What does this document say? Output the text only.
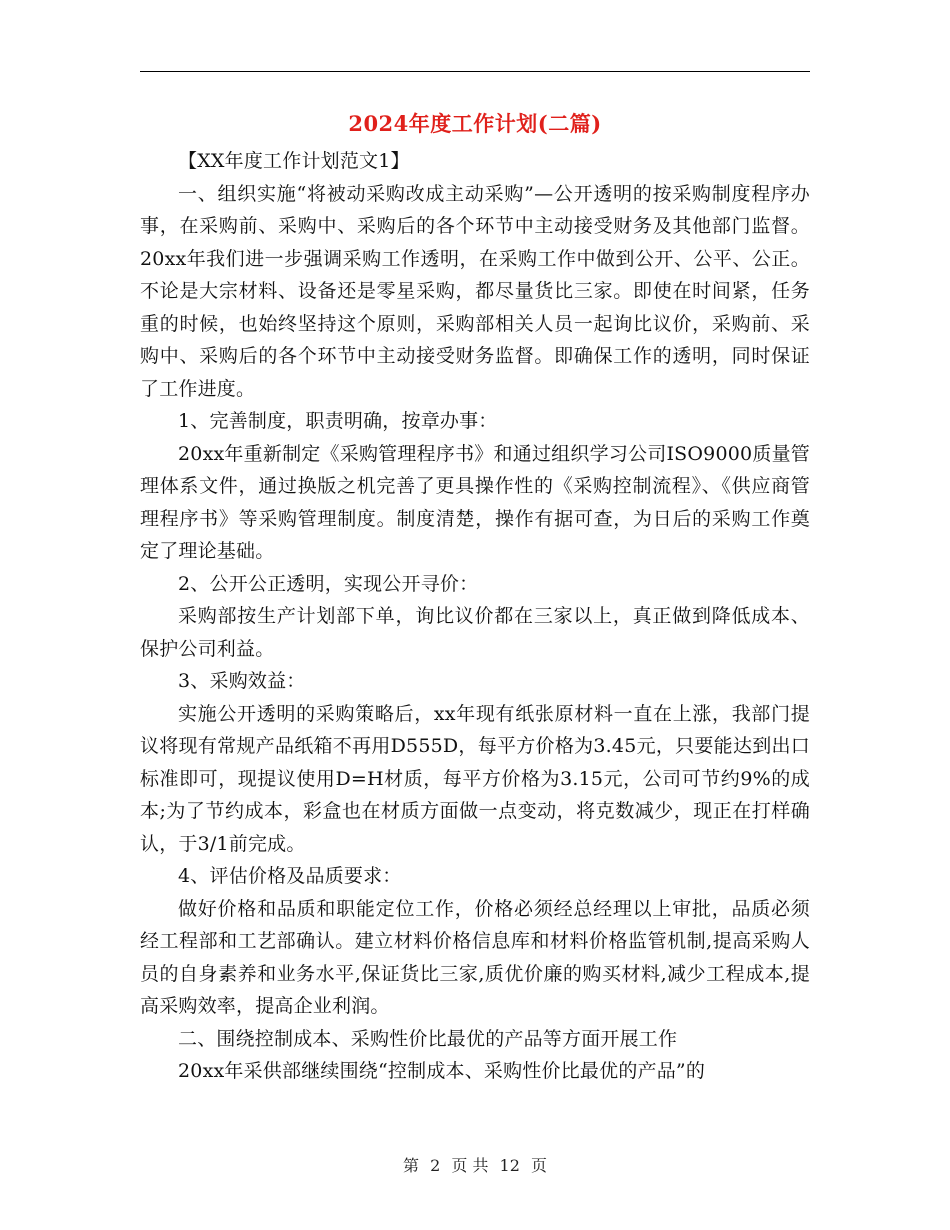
2024年度工作计划(二篇)

【XX年度工作计划范文1】

一、组织实施“将被动采购改成主动采购”—公开透明的按采购制度程序办事，在采购前、采购中、采购后的各个环节中主动接受财务及其他部门监督。20xx年我们进一步强调采购工作透明，在采购工作中做到公开、公平、公正。不论是大宗材料、设备还是零星采购，都尽量货比三家。即使在时间紧，任务重的时候，也始终坚持这个原则，采购部相关人员一起询比议价，采购前、采购中、采购后的各个环节中主动接受财务监督。即确保工作的透明，同时保证了工作进度。

1、完善制度，职责明确，按章办事：

20xx年重新制定《采购管理程序书》和通过组织学习公司ISO9000质量管理体系文件，通过换版之机完善了更具操作性的《采购控制流程》、《供应商管理程序书》等采购管理制度。制度清楚，操作有据可查，为日后的采购工作奠定了理论基础。

2、公开公正透明，实现公开寻价：

采购部按生产计划部下单，询比议价都在三家以上，真正做到降低成本、保护公司利益。

3、采购效益：

实施公开透明的采购策略后，xx年现有纸张原材料一直在上涨，我部门提议将现有常规产品纸箱不再用D555D，每平方价格为3.45元，只要能达到出口标准即可，现提议使用D=H材质，每平方价格为3.15元，公司可节约9%的成本;为了节约成本，彩盒也在材质方面做一点变动，将克数减少，现正在打样确认，于3/1前完成。

4、评估价格及品质要求：

做好价格和品质和职能定位工作，价格必须经总经理以上审批，品质必须经工程部和工艺部确认。建立材料价格信息库和材料价格监管机制,提高采购人员的自身素养和业务水平,保证货比三家,质优价廉的购买材料,减少工程成本,提高采购效率，提高企业利润。

二、围绕控制成本、采购性价比最优的产品等方面开展工作

20xx年采供部继续围绕“控制成本、采购性价比最优的产品”的

第 2 页 共 12 页
